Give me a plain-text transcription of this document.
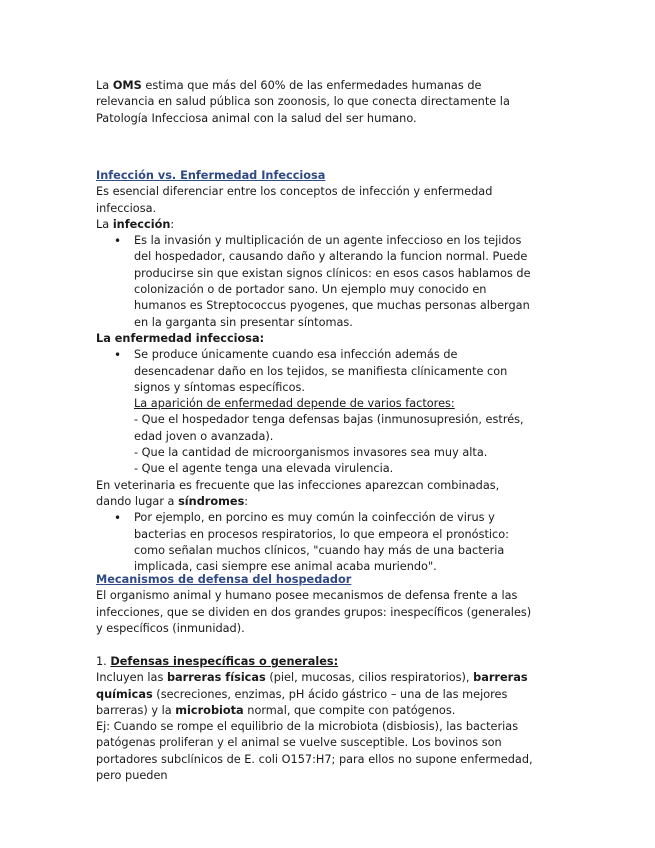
La OMS estima que más del 60% de las enfermedades humanas de relevancia en salud pública son zoonosis, lo que conecta directamente la Patología Infecciosa animal con la salud del ser humano.

Infección vs. Enfermedad Infecciosa

Es esencial diferenciar entre los conceptos de infección y enfermedad infecciosa.

La infección:

• Es la invasión y multiplicación de un agente infeccioso en los tejidos del hospedador, causando daño y alterando la funcion normal. Puede producirse sin que existan signos clínicos: en esos casos hablamos de colonización o de portador sano. Un ejemplo muy conocido en humanos es Streptococcus pyogenes, que muchas personas albergan en la garganta sin presentar síntomas.

La enfermedad infecciosa:

• Se produce únicamente cuando esa infección además de desencadenar daño en los tejidos, se manifiesta clínicamente con signos y síntomas específicos.
La aparición de enfermedad depende de varios factores:
- Que el hospedador tenga defensas bajas (inmunosupresión, estrés, edad joven o avanzada).
- Que la cantidad de microorganismos invasores sea muy alta.
- Que el agente tenga una elevada virulencia.

En veterinaria es frecuente que las infecciones aparezcan combinadas, dando lugar a síndromes:

• Por ejemplo, en porcino es muy común la coinfección de virus y bacterias en procesos respiratorios, lo que empeora el pronóstico: como señalan muchos clínicos, "cuando hay más de una bacteria implicada, casi siempre ese animal acaba muriendo".
Mecanismos de defensa del hospedador

El organismo animal y humano posee mecanismos de defensa frente a las infecciones, que se dividen en dos grandes grupos: inespecíficos (generales) y específicos (inmunidad).

1. Defensas inespecíficas o generales:

Incluyen las barreras físicas (piel, mucosas, cilios respiratorios), barreras químicas (secreciones, enzimas, pH ácido gástrico – una de las mejores barreras) y la microbiota normal, que compite con patógenos.

Ej: Cuando se rompe el equilibrio de la microbiota (disbiosis), las bacterias patógenas proliferan y el animal se vuelve susceptible. Los bovinos son portadores subclínicos de E. coli O157:H7; para ellos no supone enfermedad, pero pueden
